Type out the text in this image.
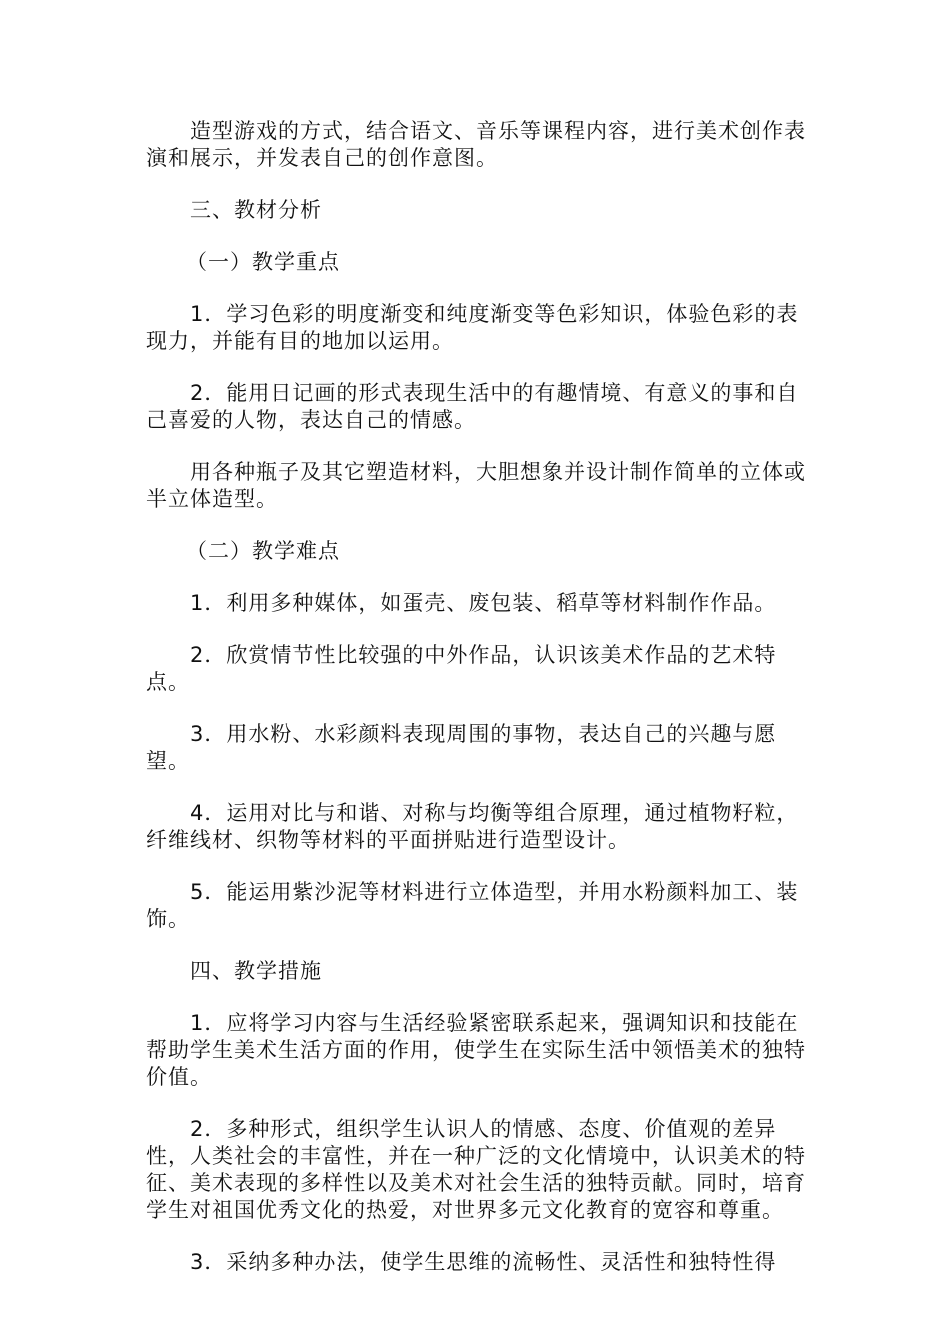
造型游戏的方式，结合语文、音乐等课程内容，进行美术创作表演和展示，并发表自己的创作意图。

三、教材分析

（一）教学重点

1．学习色彩的明度渐变和纯度渐变等色彩知识，体验色彩的表现力，并能有目的地加以运用。

2．能用日记画的形式表现生活中的有趣情境、有意义的事和自己喜爱的人物，表达自己的情感。

用各种瓶子及其它塑造材料，大胆想象并设计制作简单的立体或半立体造型。

（二）教学难点

1．利用多种媒体，如蛋壳、废包装、稻草等材料制作作品。

2．欣赏情节性比较强的中外作品，认识该美术作品的艺术特点。

3．用水粉、水彩颜料表现周围的事物，表达自己的兴趣与愿望。

4．运用对比与和谐、对称与均衡等组合原理，通过植物籽粒，纤维线材、织物等材料的平面拼贴进行造型设计。

5．能运用紫沙泥等材料进行立体造型，并用水粉颜料加工、装饰。

四、教学措施

1．应将学习内容与生活经验紧密联系起来，强调知识和技能在帮助学生美术生活方面的作用，使学生在实际生活中领悟美术的独特价值。

2．多种形式，组织学生认识人的情感、态度、价值观的差异性，人类社会的丰富性，并在一种广泛的文化情境中，认识美术的特征、美术表现的多样性以及美术对社会生活的独特贡献。同时，培育学生对祖国优秀文化的热爱，对世界多元文化教育的宽容和尊重。

3．采纳多种办法，使学生思维的流畅性、灵活性和独特性得
